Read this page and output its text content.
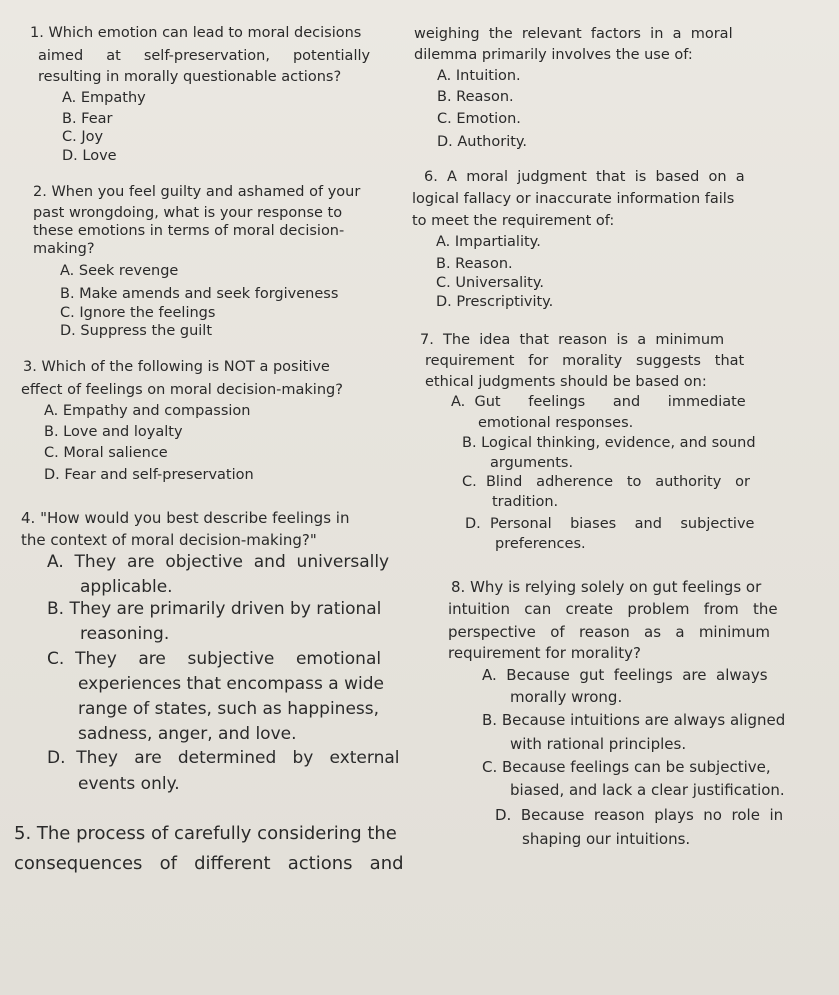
1. Which emotion can lead to moral decisions

aimed     at     self-preservation,     potentially

resulting in morally questionable actions?

A. Empathy

B. Fear

C. Joy

D. Love

2. When you feel guilty and ashamed of your

past wrongdoing, what is your response to

these emotions in terms of moral decision-

making?

A. Seek revenge

B. Make amends and seek forgiveness

C. Ignore the feelings

D. Suppress the guilt

3. Which of the following is NOT a positive

effect of feelings on moral decision-making?

A. Empathy and compassion

B. Love and loyalty

C. Moral salience

D. Fear and self-preservation

4. "How would you best describe feelings in

the context of moral decision-making?"

A.  They  are  objective  and  universally

applicable.

B. They are primarily driven by rational

reasoning.

C.  They    are    subjective    emotional

experiences that encompass a wide

range of states, such as happiness,

sadness, anger, and love.

D.  They   are   determined   by   external

events only.

5. The process of carefully considering the

consequences   of   different   actions   and

weighing  the  relevant  factors  in  a  moral

dilemma primarily involves the use of:

A. Intuition.

B. Reason.

C. Emotion.

D. Authority.

6.  A  moral  judgment  that  is  based  on  a

logical fallacy or inaccurate information fails

to meet the requirement of:

A. Impartiality.

B. Reason.

C. Universality.

D. Prescriptivity.

7.  The  idea  that  reason  is  a  minimum

requirement   for   morality   suggests   that

ethical judgments should be based on:

A.  Gut      feelings      and      immediate

emotional responses.

B. Logical thinking, evidence, and sound

arguments.

C.  Blind   adherence   to   authority   or

tradition.

D.  Personal    biases    and    subjective

preferences.

8. Why is relying solely on gut feelings or

intuition   can   create   problem   from   the

perspective   of   reason   as   a   minimum

requirement for morality?

A.  Because  gut  feelings  are  always

morally wrong.

B. Because intuitions are always aligned

with rational principles.

C. Because feelings can be subjective,

biased, and lack a clear justification.

D.  Because  reason  plays  no  role  in

shaping our intuitions.
